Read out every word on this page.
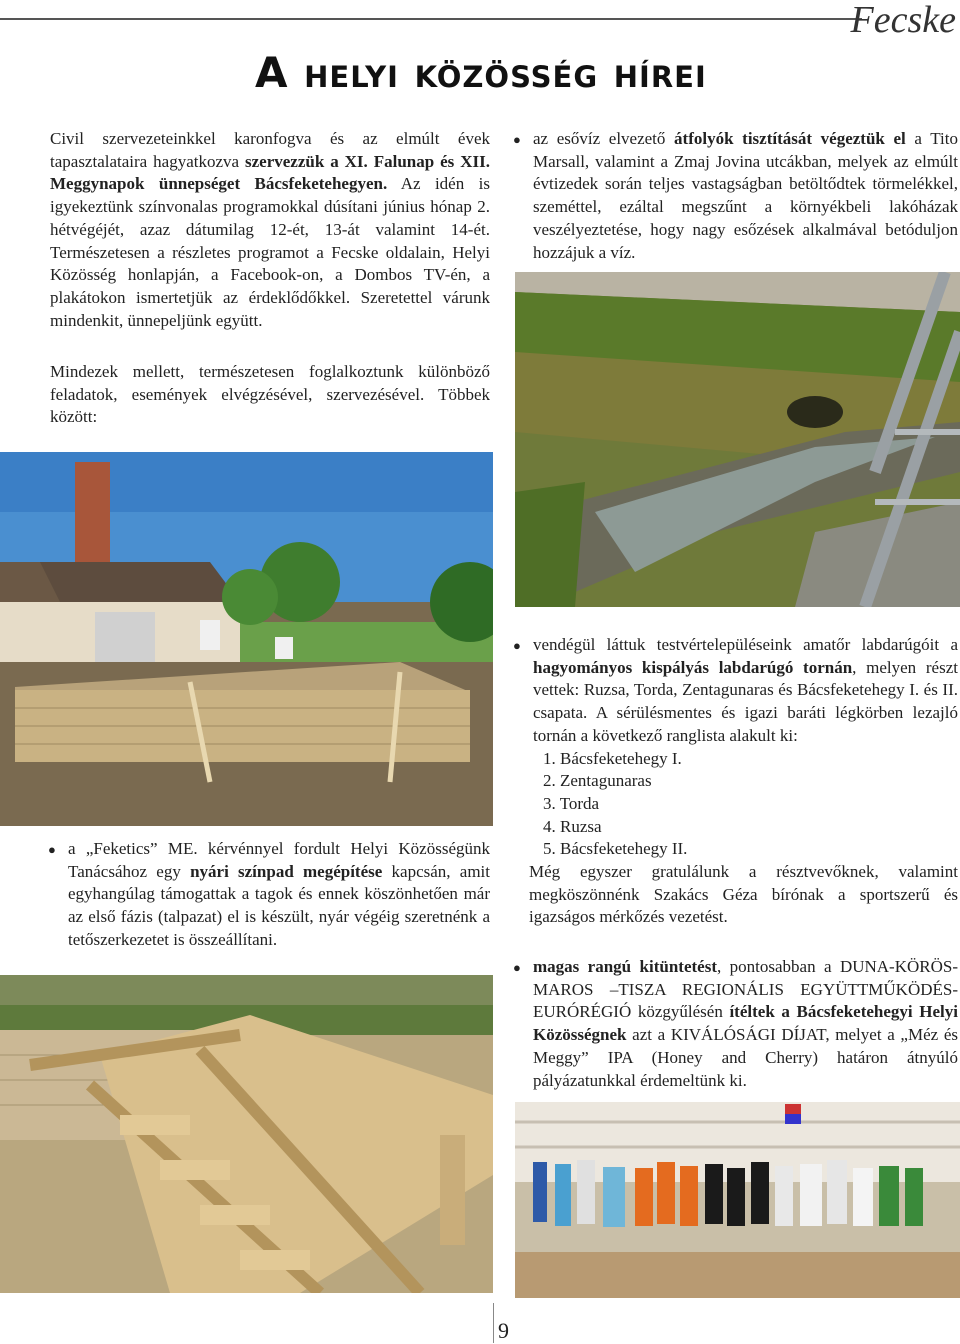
Fecske
A helyi közösség hírei

Civil szervezeteinkkel karonfogva és az elmúlt évek tapasztalataira hagyatkozva szervezzük a XI. Falunap és XII. Meggynapok ünnepséget Bácsfeketehegyen. Az idén is igyekeztünk színvonalas programokkal dúsítani június hónap 2. hétvégéjét, azaz dátumilag 12-ét, 13-át valamint 14-ét. Természetesen a részletes programot a Fecske oldalain, Helyi Közösség honlapján, a Facebook-on, a Dombos TV-én, a plakátokon ismertetjük az érdeklődőkkel. Szeretettel várunk mindenkit, ünnepeljünk együtt.

Mindezek mellett, természetesen foglalkoztunk különböző feladatok, események elvégzésével, szervezésével. Többek között:

●
a „Feketics” ME. kérvénnyel fordult Helyi Közösségünk Tanácsához egy nyári színpad megépítése kapcsán, amit egyhangúlag támogattak a tagok és ennek köszönhetően már az első fázis (talpazat) el is készült, nyár végéig szeretnénk a tetőszerkezetet is összeállítani.

●
az esővíz elvezető átfolyók tisztítását végeztük el a Tito Marsall, valamint a Zmaj Jovina utcákban, melyek az elmúlt évtizedek során teljes vastagságban betöltődtek törmelékkel, szeméttel, ezáltal megszűnt a környékbeli lakóházak veszélyeztetése, hogy nagy esőzések alkalmával betóduljon hozzájuk a víz.

●
vendégül láttuk testvértelepüléseink amatőr labdarúgóit a hagyományos kispályás labdarúgó tornán, melyen részt vettek: Ruzsa, Torda, Zentagunaras és Bácsfeketehegy I. és II. csapata. A sérülésmentes és igazi baráti légkörben lezajló tornán a következő ranglista alakult ki:

1. Bácsfeketehegy I.
2. Zentagunaras
3. Torda
4. Ruzsa
5. Bácsfeketehegy II.

Még egyszer gratulálunk a résztvevőknek, valamint megköszönnénk Szakács Géza bírónak a sportszerű és igazságos mérkőzés vezetést.

●
magas rangú kitüntetést, pontosabban a DUNA-KÖRÖS-MAROS –TISZA REGIONÁLIS EGYÜTTMŰKÖDÉS-EURÓRÉGIÓ közgyűlésén ítéltek a Bácsfeketehegyi Helyi Közösségnek azt a KIVÁLÓSÁGI DÍJAT, melyet a „Méz és Meggy” IPA (Honey and Cherry) határon átnyúló pályázatunkkal érdemeltünk ki.

9
